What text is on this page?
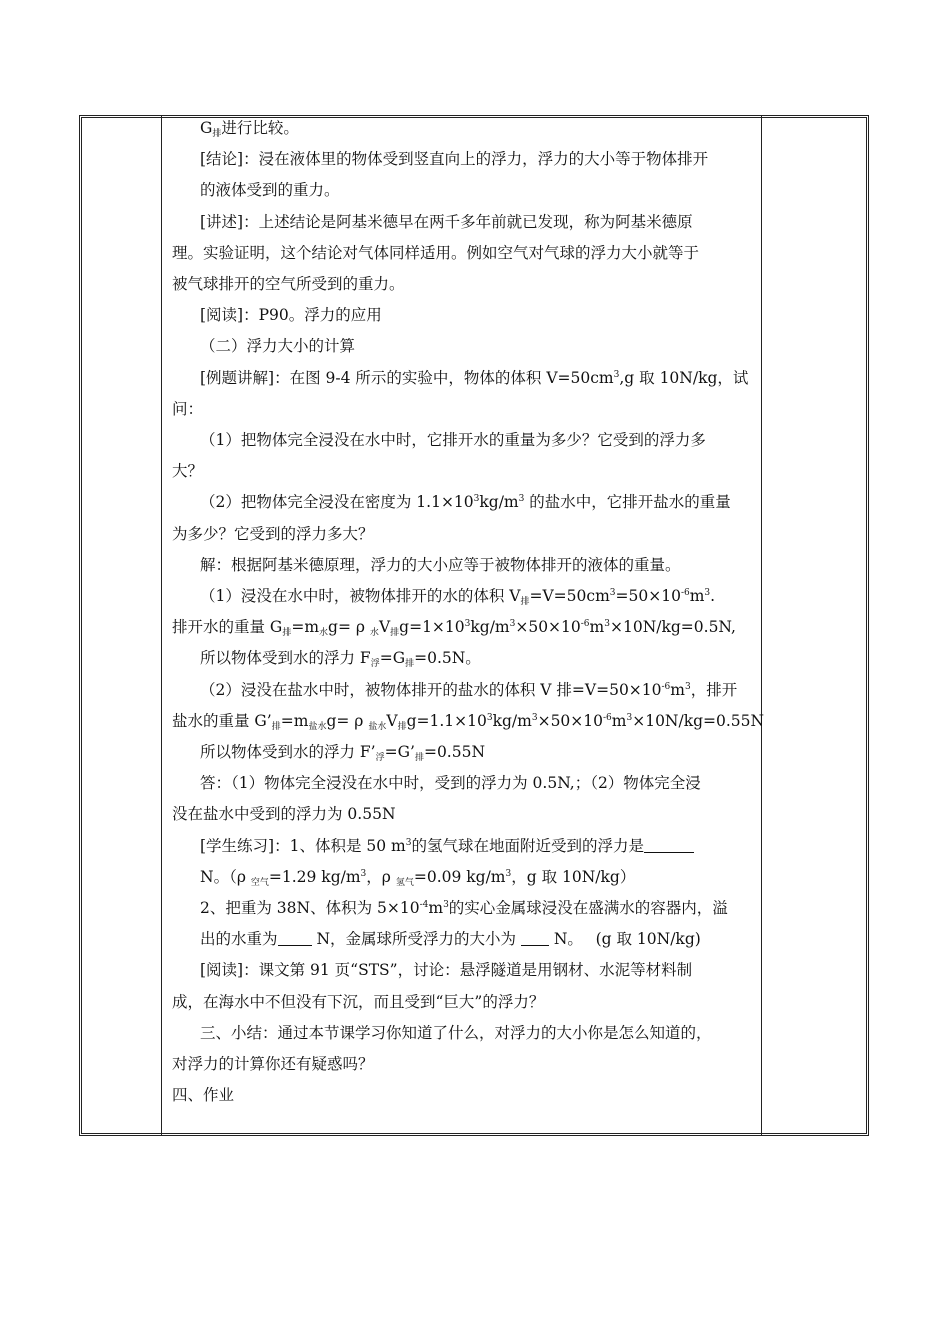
$G_排$进行比较。

[结论]：浸在液体里的物体受到竖直向上的浮力，浮力的大小等于物体排开

的液体受到的重力。

[讲述]：上述结论是阿基米德早在两千多年前就已发现，称为阿基米德原

理。实验证明，这个结论对气体同样适用。例如空气对气球的浮力大小就等于

被气球排开的空气所受到的重力。

[阅读]：P90。浮力的应用

（二）浮力大小的计算

[例题讲解]：在图 9-4 所示的实验中，物体的体积 $V=50cm^3,g$ 取 10N/kg，试

问：

（1）把物体完全浸没在水中时，它排开水的重量为多少？它受到的浮力多

大？

（2）把物体完全浸没在密度为 $1.1\times 10^3kg/m^3$ 的盐水中，它排开盐水的重量

为多少？它受到的浮力多大？

解：根据阿基米德原理，浮力的大小应等于被物体排开的液体的重量。

（1）浸没在水中时，被物体排开的水的体积 $V_排=V=50cm^3=50\times 10^{-6}m^3$.

排开水的重量 $G_排=m_水g= \rho$ $_水V_排g=1\times 10^3kg/m^3\times 50\times 10^{-6}m^3\times 10N/kg=0.5N$,

所以物体受到水的浮力 $F_浮=G_排=0.5N$。

（2）浸没在盐水中时，被物体排开的盐水的体积 V 排$=V=50\times 10^{-6}m^3$，排开

盐水的重量 $G’_排=m_{盐水}g= \rho$ $_{盐水}V_排g=1.1\times 10^3kg/m^3\times 50\times 10^{-6}m^3\times 10N/kg=0.55N$

所以物体受到水的浮力 $F’_浮=G’_排=0.55N$

答：（1）物体完全浸没在水中时，受到的浮力为 0.5N,；（2）物体完全浸

没在盐水中受到的浮力为 0.55N

[学生练习]：1、体积是 50 $m^3$的氢气球在地面附近受到的浮力是

N。（ρ $_{空气}$=1.29 $kg/m^3$，ρ $_{氢气}$=0.09 $kg/m^3$，g 取 10N/kg）

2、把重为 38N、体积为 $5\times 10^{-4}m^3$的实心金属球浸没在盛满水的容器内，溢

出的水重为 N，金属球所受浮力的大小为  N。　 (g 取 10N/kg)

[阅读]：课文第 91 页“STS”，讨论：悬浮隧道是用钢材、水泥等材料制

成，在海水中不但没有下沉，而且受到“巨大”的浮力？

三、小结：通过本节课学习你知道了什么，对浮力的大小你是怎么知道的，

对浮力的计算你还有疑惑吗？

四、作业
